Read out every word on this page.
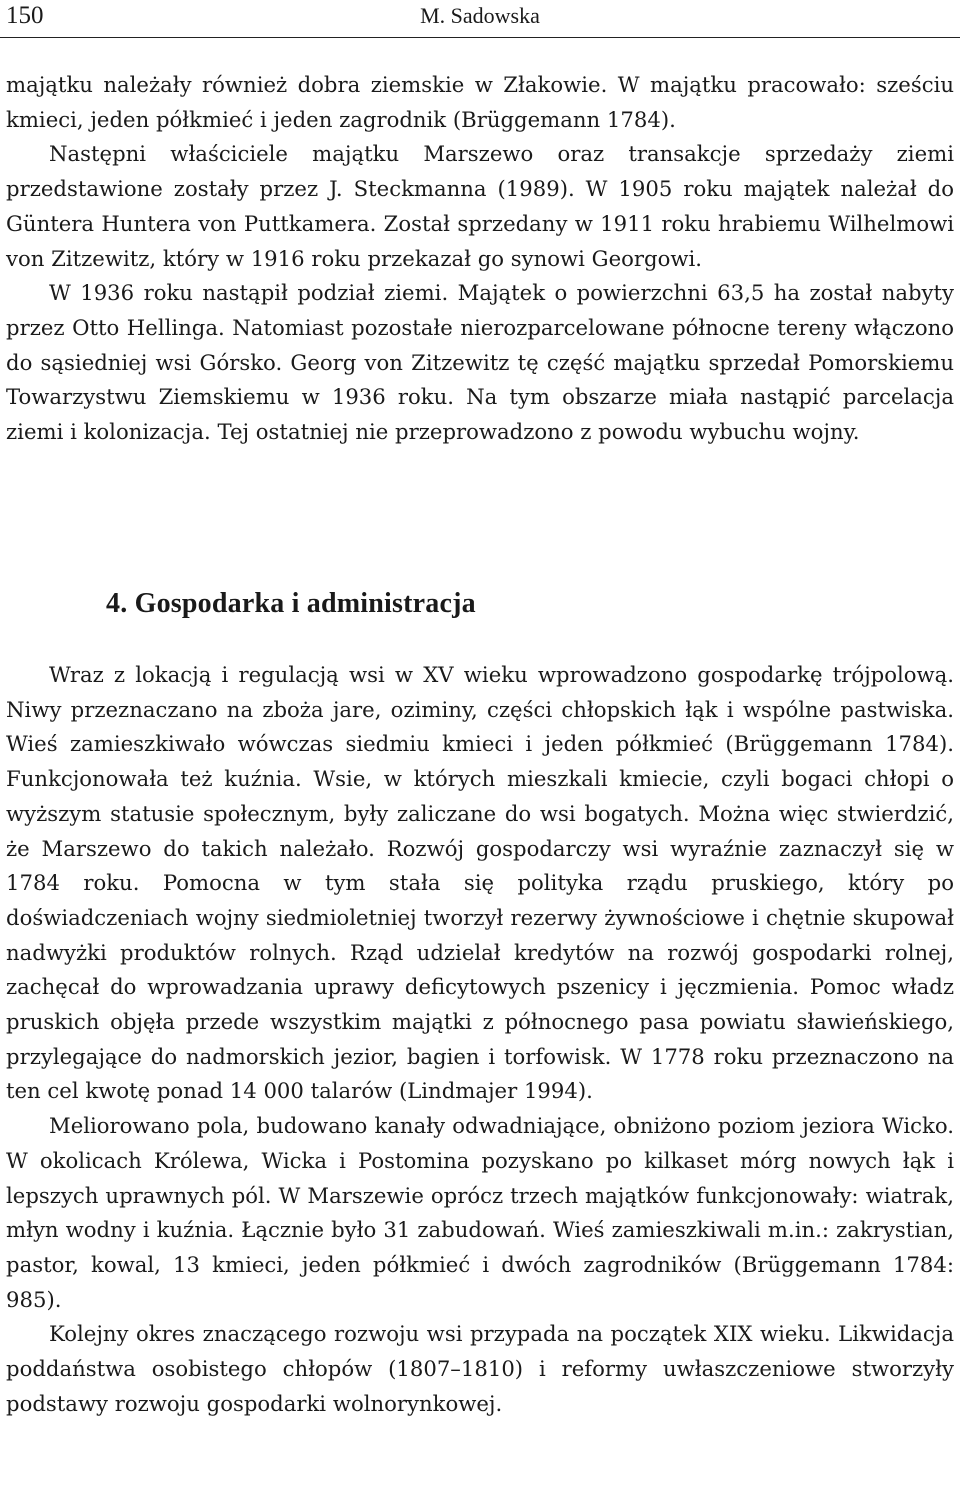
150	M. Sadowska

majątku należały również dobra ziemskie w Złakowie. W majątku pracowało: sześciu kmieci, jeden półkmieć i jeden zagrodnik (Brüggemann 1784).

Następni właściciele majątku Marszewo oraz transakcje sprzedaży ziemi przedstawione zostały przez J. Steckmanna (1989). W 1905 roku majątek należał do Güntera Huntera von Puttkamera. Został sprzedany w 1911 roku hrabiemu Wilhelmowi von Zitzewitz, który w 1916 roku przekazał go synowi Georgowi.

W 1936 roku nastąpił podział ziemi. Majątek o powierzchni 63,5 ha został nabyty przez Otto Hellinga. Natomiast pozostałe nierozparcelowane północne tereny włączono do sąsiedniej wsi Górsko. Georg von Zitzewitz tę część majątku sprzedał Pomorskiemu Towarzystwu Ziemskiemu w 1936 roku. Na tym obszarze miała nastąpić parcelacja ziemi i kolonizacja. Tej ostatniej nie przeprowadzono z powodu wybuchu wojny.

4. Gospodarka i administracja

Wraz z lokacją i regulacją wsi w XV wieku wprowadzono gospodarkę trójpolową. Niwy przeznaczano na zboża jare, oziminy, części chłopskich łąk i wspólne pastwiska. Wieś zamieszkiwało wówczas siedmiu kmieci i jeden półkmieć (Brüggemann 1784). Funkcjonowała też kuźnia. Wsie, w których mieszkali kmiecie, czyli bogaci chłopi o wyższym statusie społecznym, były zaliczane do wsi bogatych. Można więc stwierdzić, że Marszewo do takich należało. Rozwój gospodarczy wsi wyraźnie zaznaczył się w 1784 roku. Pomocna w tym stała się polityka rządu pruskiego, który po doświadczeniach wojny siedmioletniej tworzył rezerwy żywnościowe i chętnie skupował nadwyżki produktów rolnych. Rząd udzielał kredytów na rozwój gospodarki rolnej, zachęcał do wprowadzania uprawy deficytowych pszenicy i jęczmienia. Pomoc władz pruskich objęła przede wszystkim majątki z północnego pasa powiatu sławieńskiego, przylegające do nadmorskich jezior, bagien i torfowisk. W 1778 roku przeznaczono na ten cel kwotę ponad 14 000 talarów (Lindmajer 1994).

Meliorowano pola, budowano kanały odwadniające, obniżono poziom jeziora Wicko. W okolicach Królewa, Wicka i Postomina pozyskano po kilkaset mórg nowych łąk i lepszych uprawnych pól. W Marszewie oprócz trzech majątków funkcjonowały: wiatrak, młyn wodny i kuźnia. Łącznie było 31 zabudowań. Wieś zamieszkiwali m.in.: zakrystian, pastor, kowal, 13 kmieci, jeden półkmieć i dwóch zagrodników (Brüggemann 1784: 985).

Kolejny okres znaczącego rozwoju wsi przypada na początek XIX wieku. Likwidacja poddaństwa osobistego chłopów (1807–1810) i reformy uwłaszczeniowe stworzyły podstawy rozwoju gospodarki wolnorynkowej.
